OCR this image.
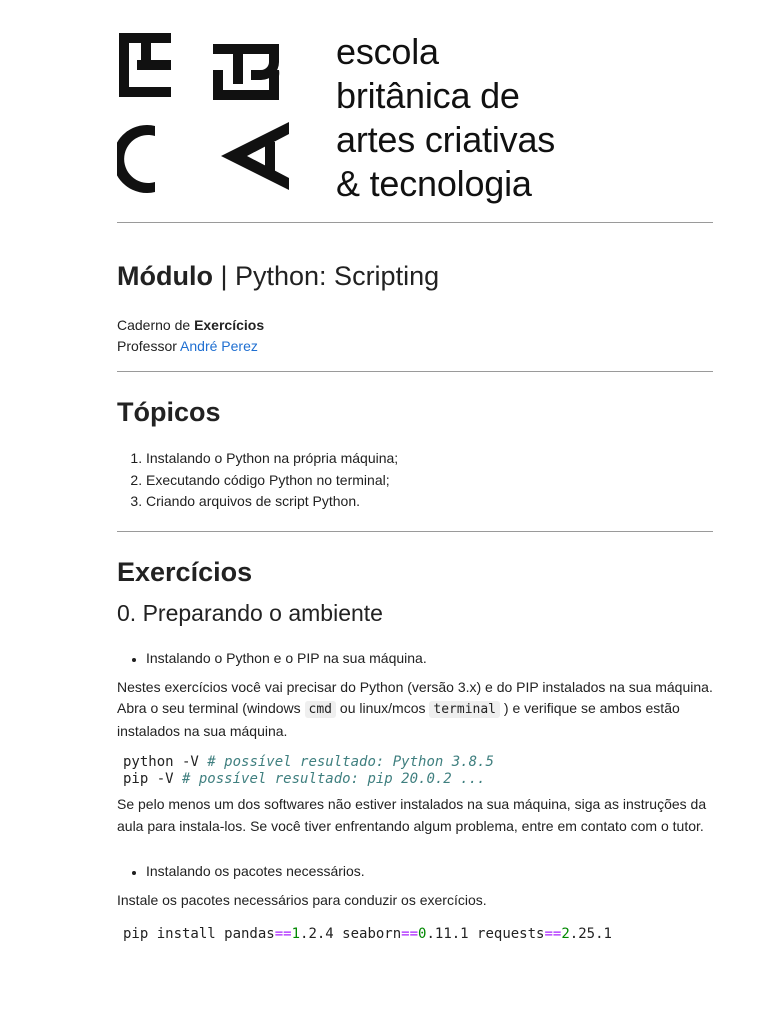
escola
britânica de
artes criativas
& tecnologia
Módulo | Python: Scripting
Caderno de Exercícios
Professor André Perez
Tópicos
1. Instalando o Python na própria máquina;
2. Executando código Python no terminal;
3. Criando arquivos de script Python.
Exercícios
0. Preparando o ambiente
• Instalando o Python e o PIP na sua máquina.

Nestes exercícios você vai precisar do Python (versão 3.x) e do PIP instalados na sua máquina. Abra o seu terminal (windows cmd ou linux/mcos terminal ) e verifique se ambos estão instalados na sua máquina.

python -V # possível resultado: Python 3.8.5
pip -V # possível resultado: pip 20.0.2 ...

Se pelo menos um dos softwares não estiver instalados na sua máquina, siga as instruções da aula para instala-los. Se você tiver enfrentando algum problema, entre em contato com o tutor.

• Instalando os pacotes necessários.

Instale os pacotes necessários para conduzir os exercícios.

pip install pandas==1.2.4 seaborn==0.11.1 requests==2.25.1
